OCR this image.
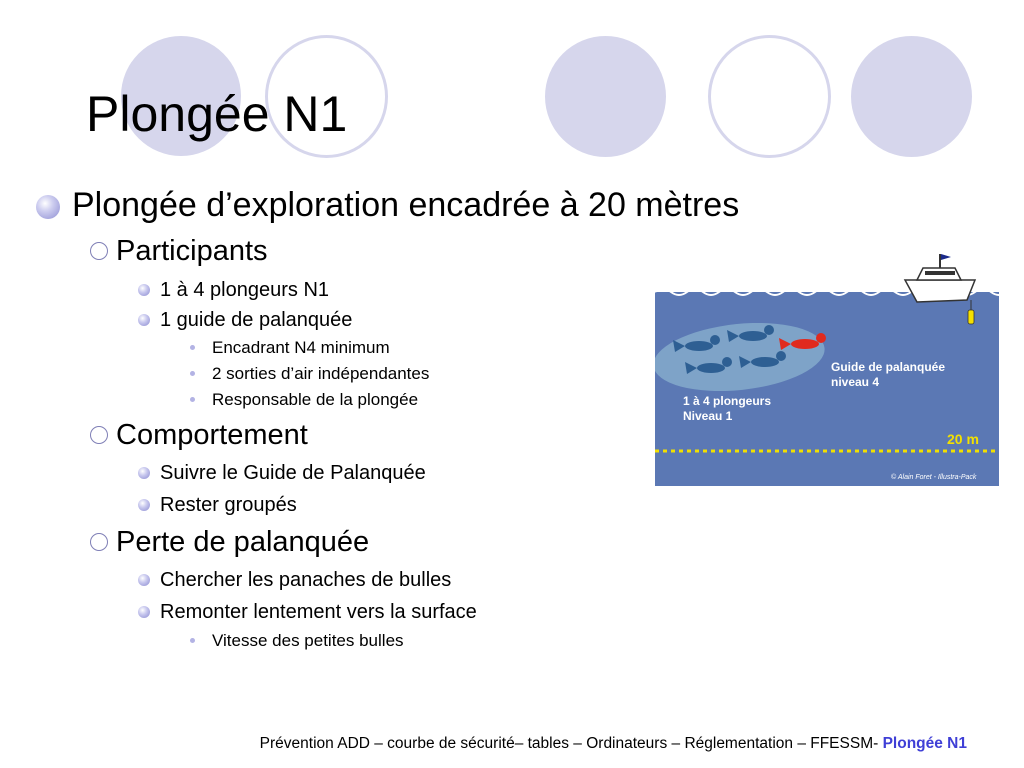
Plongée N1
Plongée d’exploration encadrée à 20 mètres
Participants
1 à 4 plongeurs N1
1 guide de palanquée
Encadrant N4 minimum
2 sorties d’air indépendantes
Responsable de la plongée
Comportement
Suivre le Guide de Palanquée
Rester groupés
Perte de palanquée
Chercher les panaches de bulles
Remonter lentement vers la surface
Vitesse des petites bulles
Guide de palanquée
niveau 4
1 à 4 plongeurs
Niveau 1
20 m
© Alain Foret - Illustra-Pack
Prévention ADD – courbe de sécurité– tables – Ordinateurs – Réglementation – FFESSM- Plongée N1
